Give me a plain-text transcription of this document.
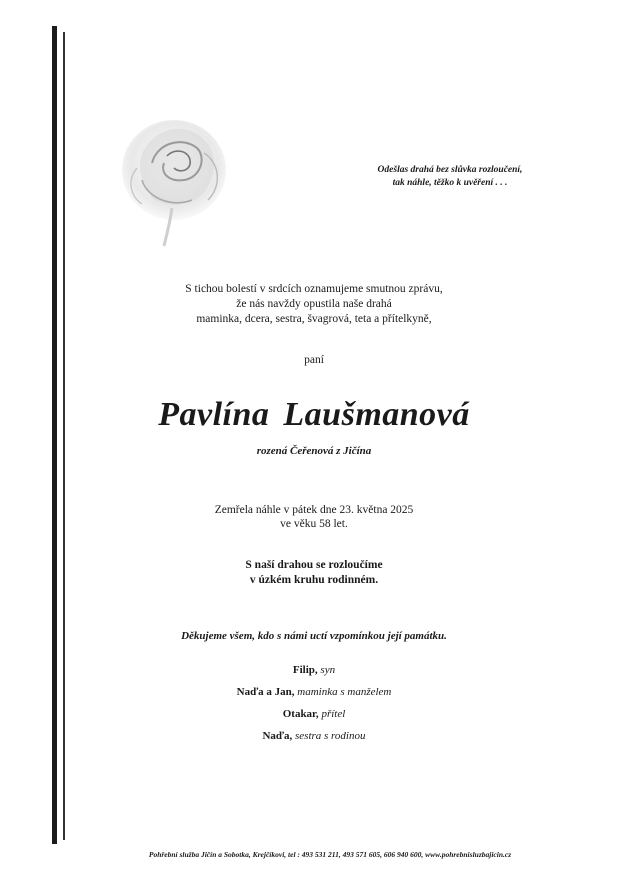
Odešlas drahá bez slůvka rozloučení,
tak náhle, těžko k uvěření . . .
S tichou bolestí v srdcích oznamujeme smutnou zprávu,
že nás navždy opustila naše drahá
maminka, dcera, sestra, švagrová, teta a přítelkyně,
paní
Pavlína Laušmanová
rozená Čeřenová z Jičína
Zemřela náhle v pátek dne 23. května 2025
ve věku 58 let.
S naší drahou se rozloučíme
v úzkém kruhu rodinném.
Děkujeme všem, kdo s námi uctí vzpomínkou její památku.
Filip, syn
Naďa a Jan, maminka s manželem
Otakar, přítel
Naďa, sestra s rodinou
Pohřební služba Jičín a Sobotka, Krejčíkovi, tel : 493 531 211, 493 571 605, 606 940 600, www.pohrebnisluzbajicin.cz
